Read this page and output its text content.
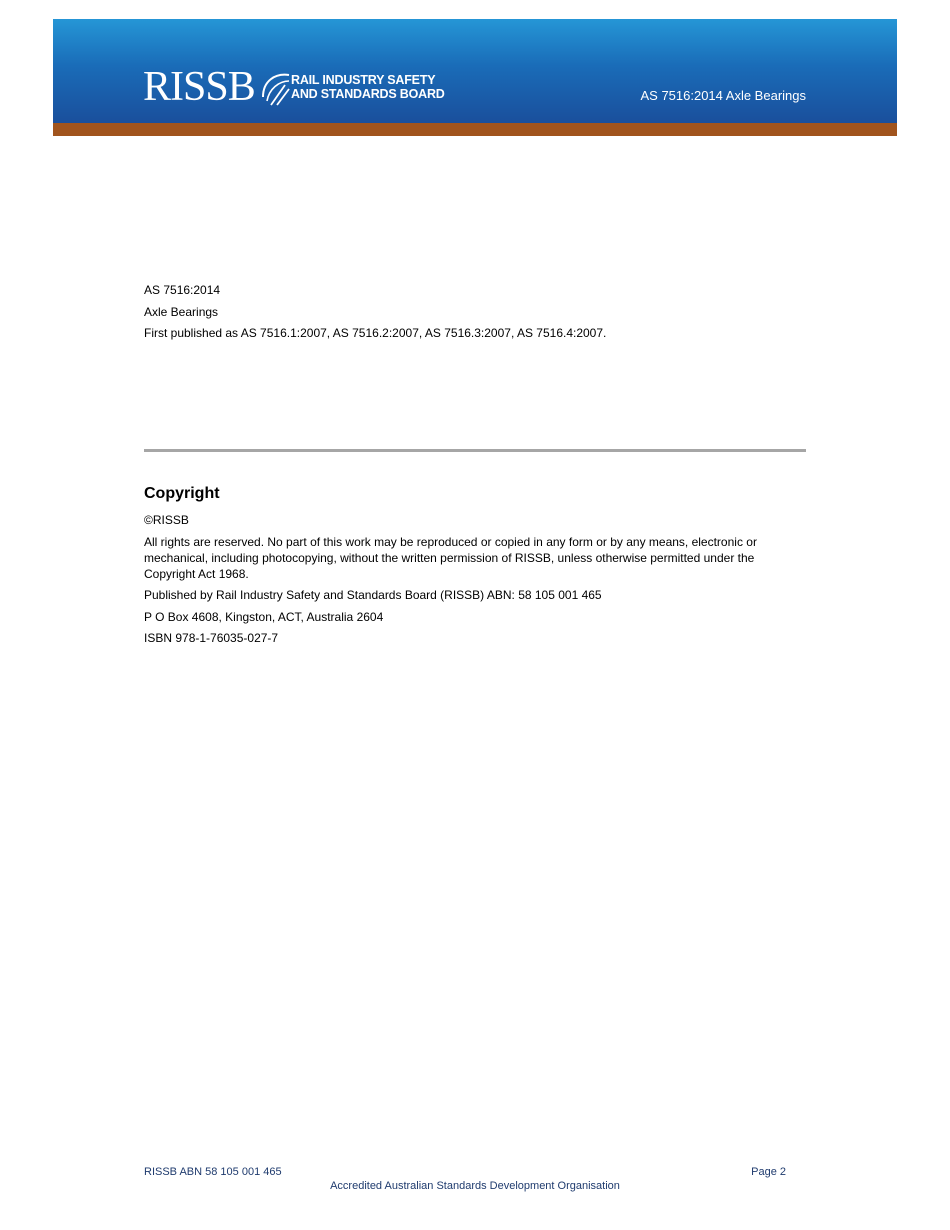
RISSB	RAIL INDUSTRY SAFETY
AND STANDARDS BOARD	AS 7516:2014 Axle Bearings
AS 7516:2014
Axle Bearings
First published as AS 7516.1:2007, AS 7516.2:2007, AS 7516.3:2007, AS 7516.4:2007.
Copyright

©RISSB

All rights are reserved. No part of this work may be reproduced or copied in any form or by any means, electronic or mechanical, including photocopying, without the written permission of RISSB, unless otherwise permitted under the Copyright Act 1968.

Published by Rail Industry Safety and Standards Board (RISSB) ABN: 58 105 001 465

P O Box 4608, Kingston, ACT, Australia 2604

ISBN 978-1-76035-027-7

RISSB ABN 58 105 001 465	Page 2
Accredited Australian Standards Development Organisation
